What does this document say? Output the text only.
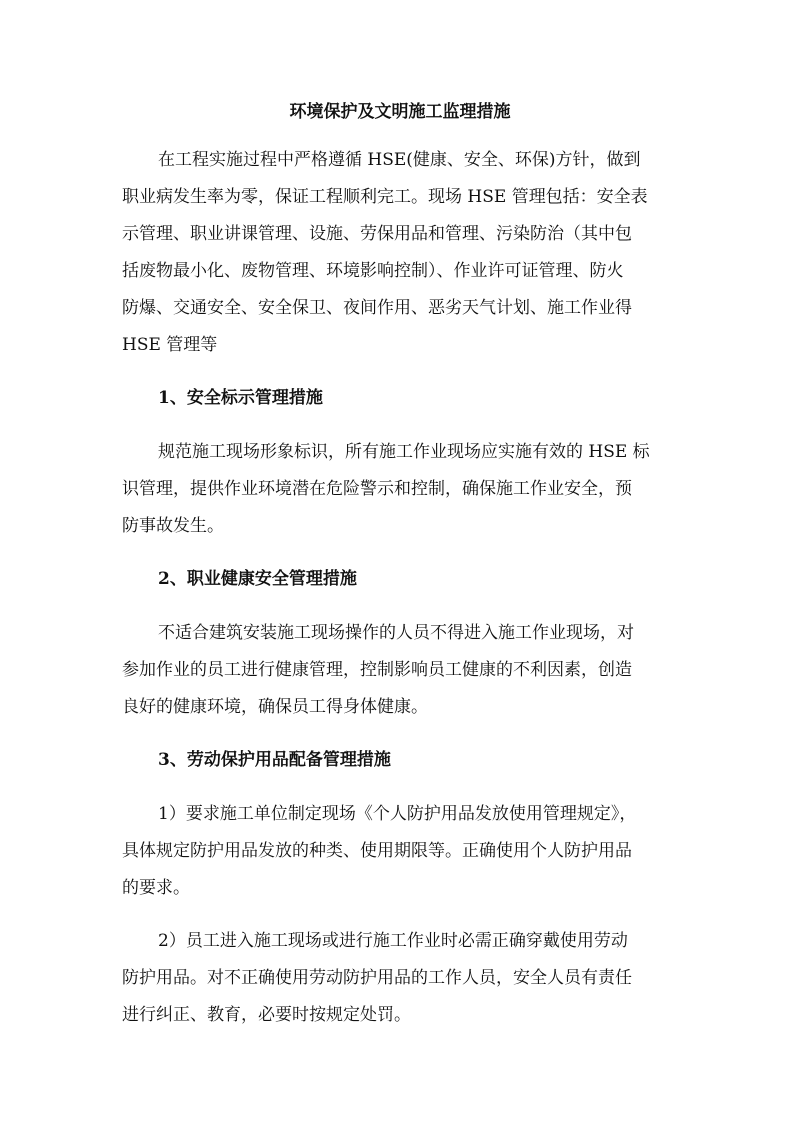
环境保护及文明施工监理措施
在工程实施过程中严格遵循 HSE(健康、安全、环保)方针，做到
职业病发生率为零，保证工程顺利完工。现场 HSE 管理包括：安全表
示管理、职业讲课管理、设施、劳保用品和管理、污染防治（其中包
括废物最小化、废物管理、环境影响控制）、作业许可证管理、防火
防爆、交通安全、安全保卫、夜间作用、恶劣天气计划、施工作业得
HSE 管理等
1、安全标示管理措施
规范施工现场形象标识，所有施工作业现场应实施有效的 HSE 标
识管理，提供作业环境潜在危险警示和控制，确保施工作业安全，预
防事故发生。
2、职业健康安全管理措施
不适合建筑安装施工现场操作的人员不得进入施工作业现场，对
参加作业的员工进行健康管理，控制影响员工健康的不利因素，创造
良好的健康环境，确保员工得身体健康。
3、劳动保护用品配备管理措施
1）要求施工单位制定现场《个人防护用品发放使用管理规定》，
具体规定防护用品发放的种类、使用期限等。正确使用个人防护用品
的要求。
2）员工进入施工现场或进行施工作业时必需正确穿戴使用劳动
防护用品。对不正确使用劳动防护用品的工作人员，安全人员有责任
进行纠正、教育，必要时按规定处罚。
